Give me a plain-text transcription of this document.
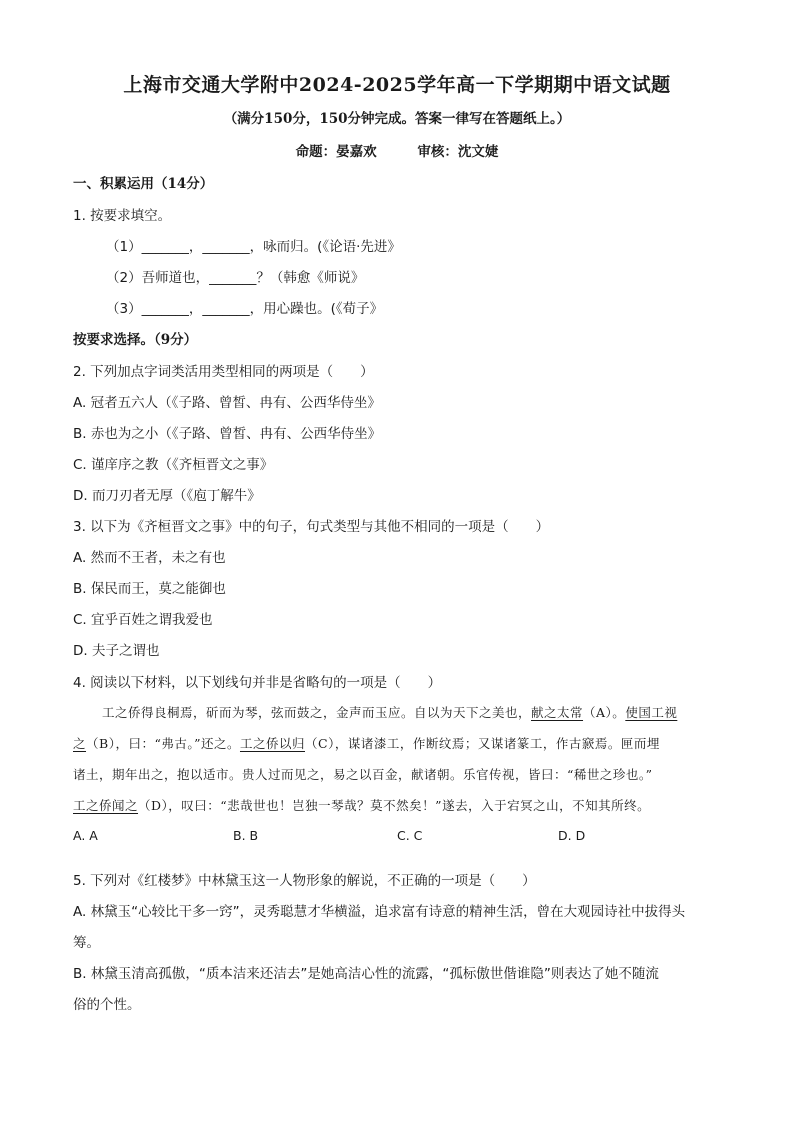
上海市交通大学附中2024-2025学年高一下学期期中语文试题
（满分150分，150分钟完成。答案一律写在答题纸上。）
命题：晏嘉欢	审核：沈文婕
一、积累运用（14分）
1. 按要求填空。
（1）_______，_______，咏而归。(《论语·先进》
（2）吾师道也，_______？（韩愈《师说》
（3）_______，_______，用心躁也。(《荀子》
按要求选择。（9分）
2. 下列加点字词类活用类型相同的两项是（　　）
A. 冠者五六人（《子路、曾皙、冉有、公西华侍坐》
B. 赤也为之小（《子路、曾皙、冉有、公西华侍坐》
C. 谨庠序之教（《齐桓晋文之事》
D. 而刀刃者无厚（《庖丁解牛》
3. 以下为《齐桓晋文之事》中的句子，句式类型与其他不相同的一项是（　　）
A. 然而不王者，未之有也
B. 保民而王，莫之能御也
C. 宜乎百姓之谓我爱也
D. 夫子之谓也
4. 阅读以下材料，以下划线句并非是省略句的一项是（　　）
工之侨得良桐焉，斫而为琴，弦而鼓之，金声而玉应。自以为天下之美也，献之太常（A）。使国工视
之（B），曰：“弗古。”还之。工之侨以归（C），谋诸漆工，作断纹焉；又谋诸篆工，作古窾焉。匣而埋
诸土，期年出之，抱以适市。贵人过而见之，易之以百金，献诸朝。乐官传视，皆曰：“稀世之珍也。”
工之侨闻之（D），叹曰：“悲哉世也！岂独一琴哉？莫不然矣！”遂去，入于宕冥之山，不知其所终。
A. A	B. B	C. C	D. D
5. 下列对《红楼梦》中林黛玉这一人物形象的解说，不正确的一项是（　　）
A. 林黛玉“心较比干多一窍”，灵秀聪慧才华横溢，追求富有诗意的精神生活，曾在大观园诗社中拔得头
筹。
B. 林黛玉清高孤傲，“质本洁来还洁去”是她高洁心性的流露，“孤标傲世偕谁隐”则表达了她不随流
俗的个性。
